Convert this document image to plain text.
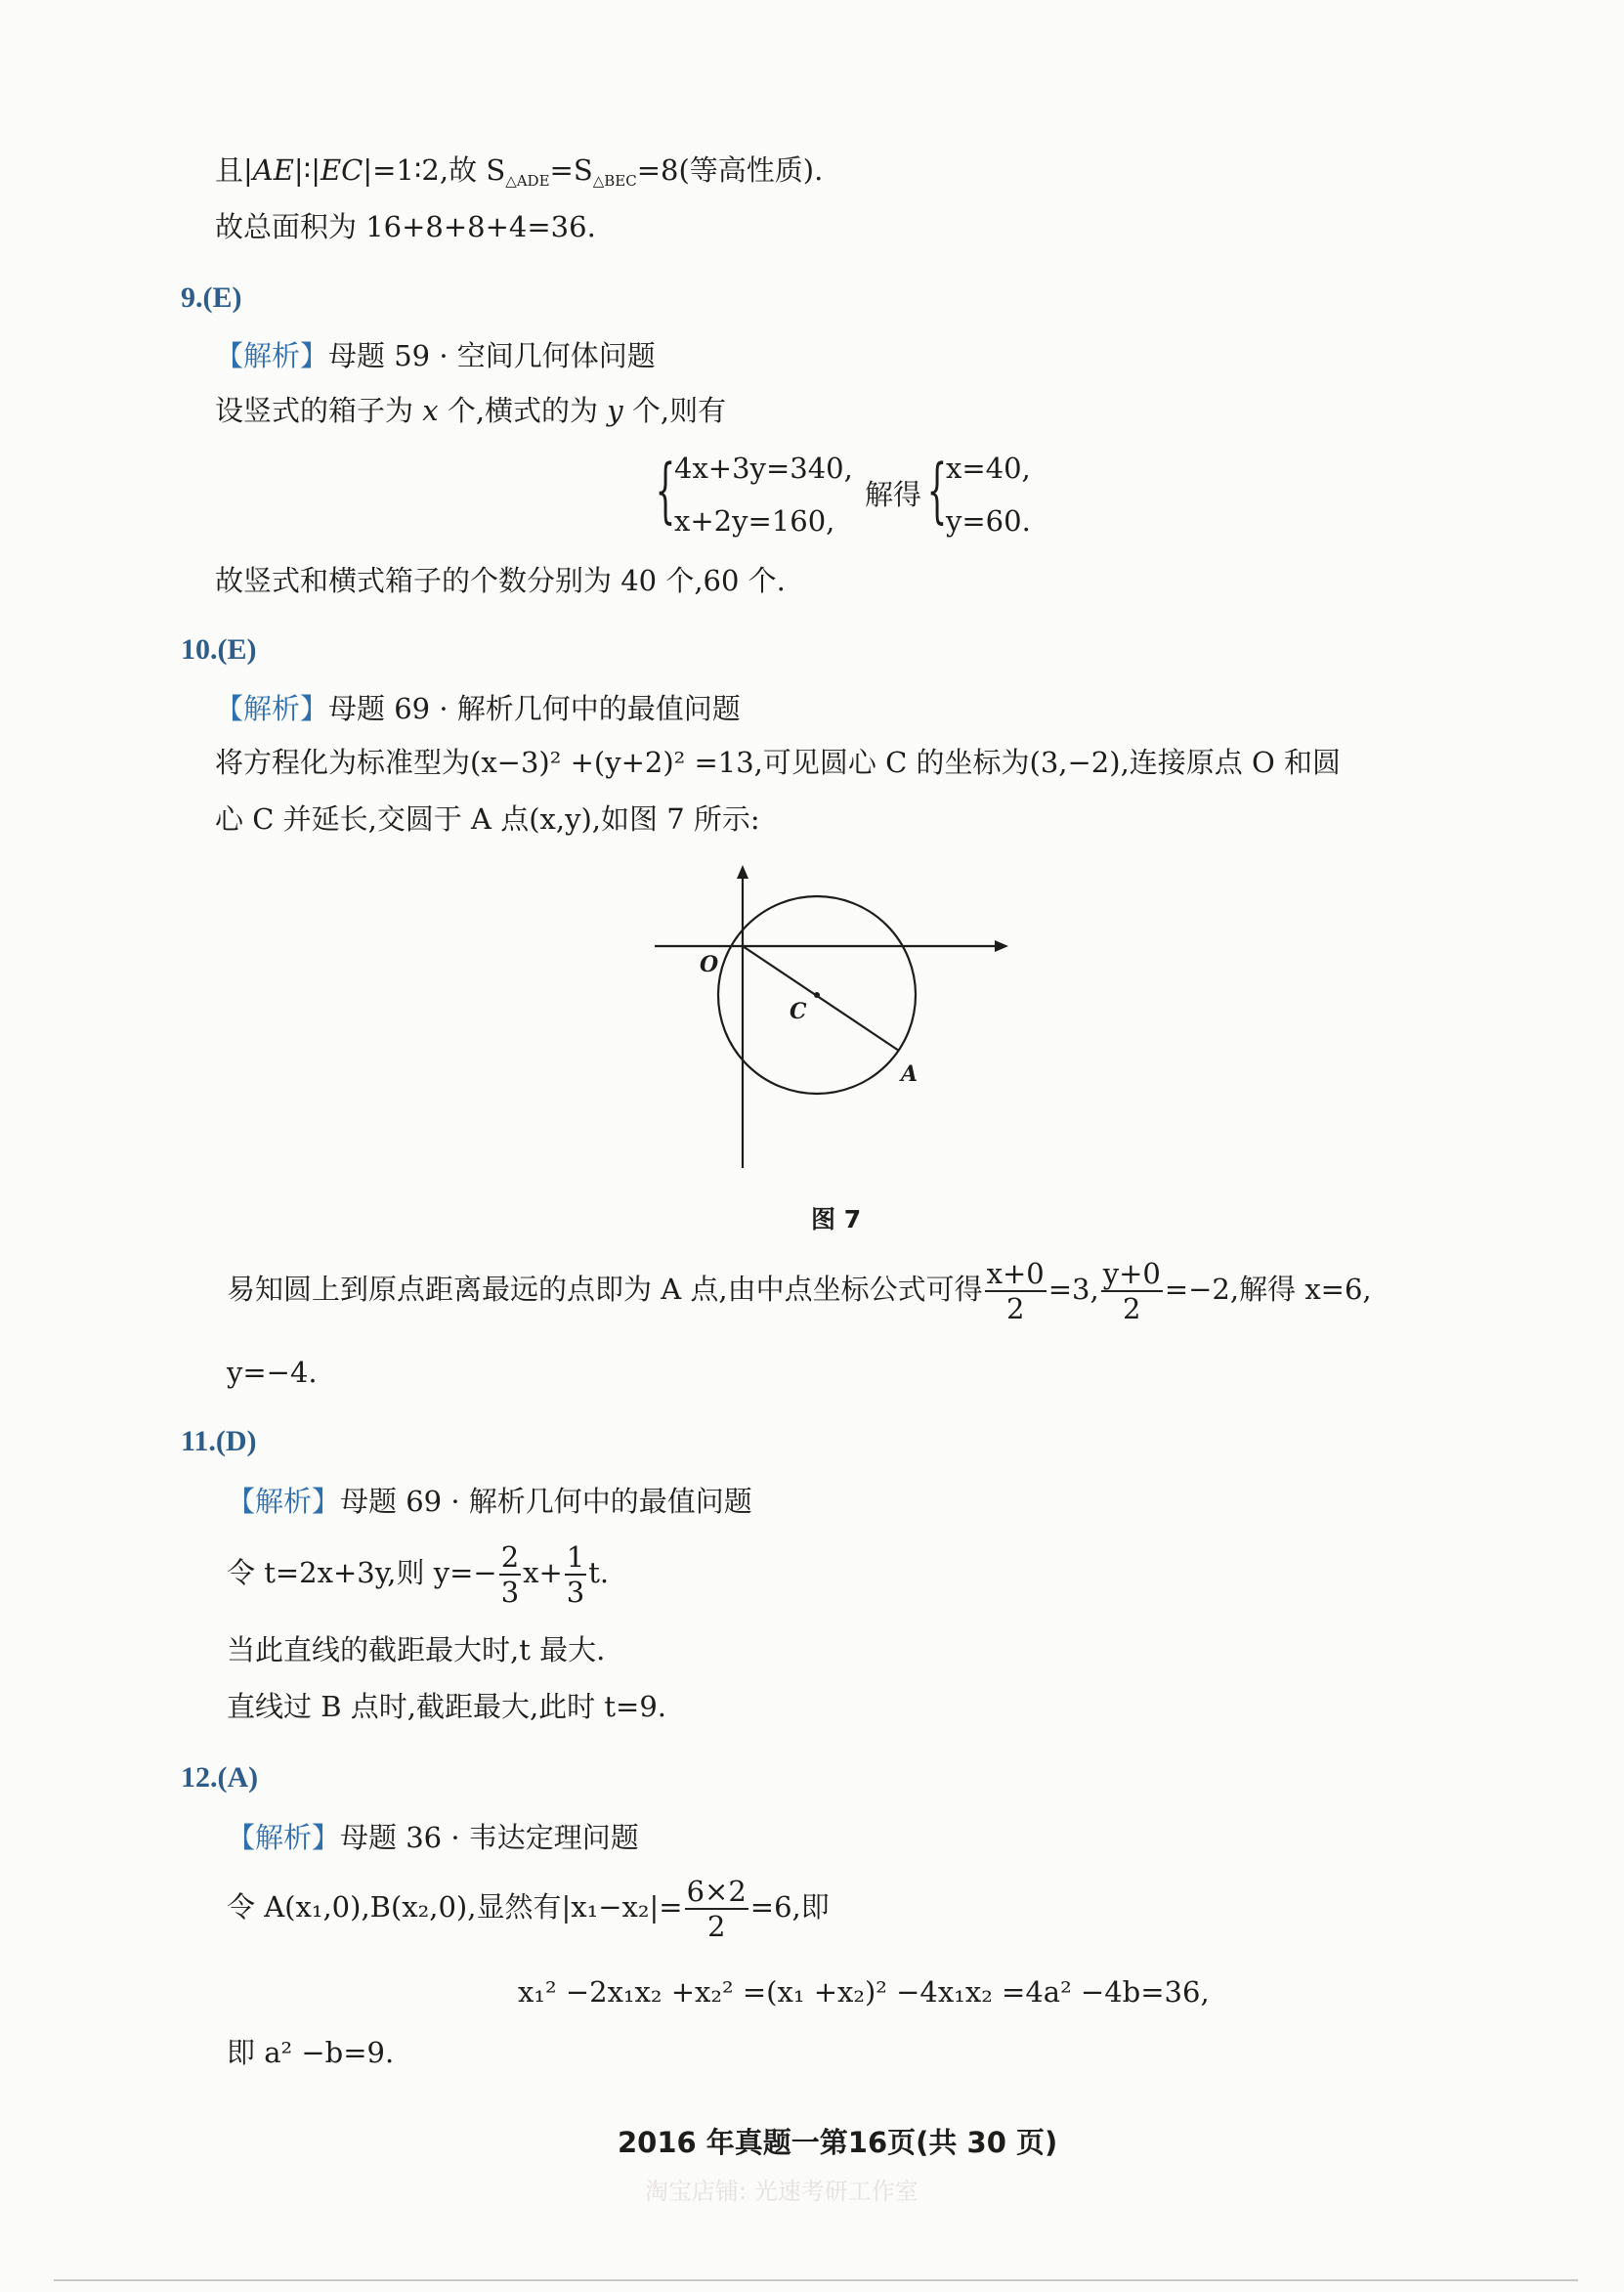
且|AE|∶|EC|=1∶2,故 $S_{\triangle ADE}=S_{\triangle BEC}=8$(等高性质).
故总面积为 16+8+8+4=36.
9.(E)
【解析】母题 59 · 空间几何体问题
设竖式的箱子为 x 个,横式的为 y 个,则有
{
4x+3y=340,
x+2y=160,
解得 {
x=40,
y=60.
故竖式和横式箱子的个数分别为 40 个,60 个.
10.(E)
【解析】母题 69 · 解析几何中的最值问题
将方程化为标准型为(x−3)² +(y+2)² =13,可见圆心 C 的坐标为(3,−2),连接原点 O 和圆
心 C 并延长,交圆于 A 点(x,y),如图 7 所示:
O
C
A
图 7
易知圆上到原点距离最远的点即为 A 点,由中点坐标公式可得 $\frac{x+0}{2} =3$, $\frac{y+0}{2} =-2$,解得 x=6,
y=−4.
11.(D)
【解析】母题 69 · 解析几何中的最值问题
令 t=2x+3y,则 $y=- \frac{2}{3} x+ \frac{1}{3} t$.
当此直线的截距最大时,t 最大.
直线过 B 点时,截距最大,此时 t=9.
12.(A)
【解析】母题 36 · 韦达定理问题
令 A(x₁,0),B(x₂,0),显然有$|x_1-x_2|= \frac{6\times 2}{2} =6$,即
x₁² −2x₁x₂ +x₂² =(x₁ +x₂)² −4x₁x₂ =4a² −4b=36,
即 a² −b=9.
2016 年真题一第16页(共 30 页)
淘宝店铺: 光速考研工作室
